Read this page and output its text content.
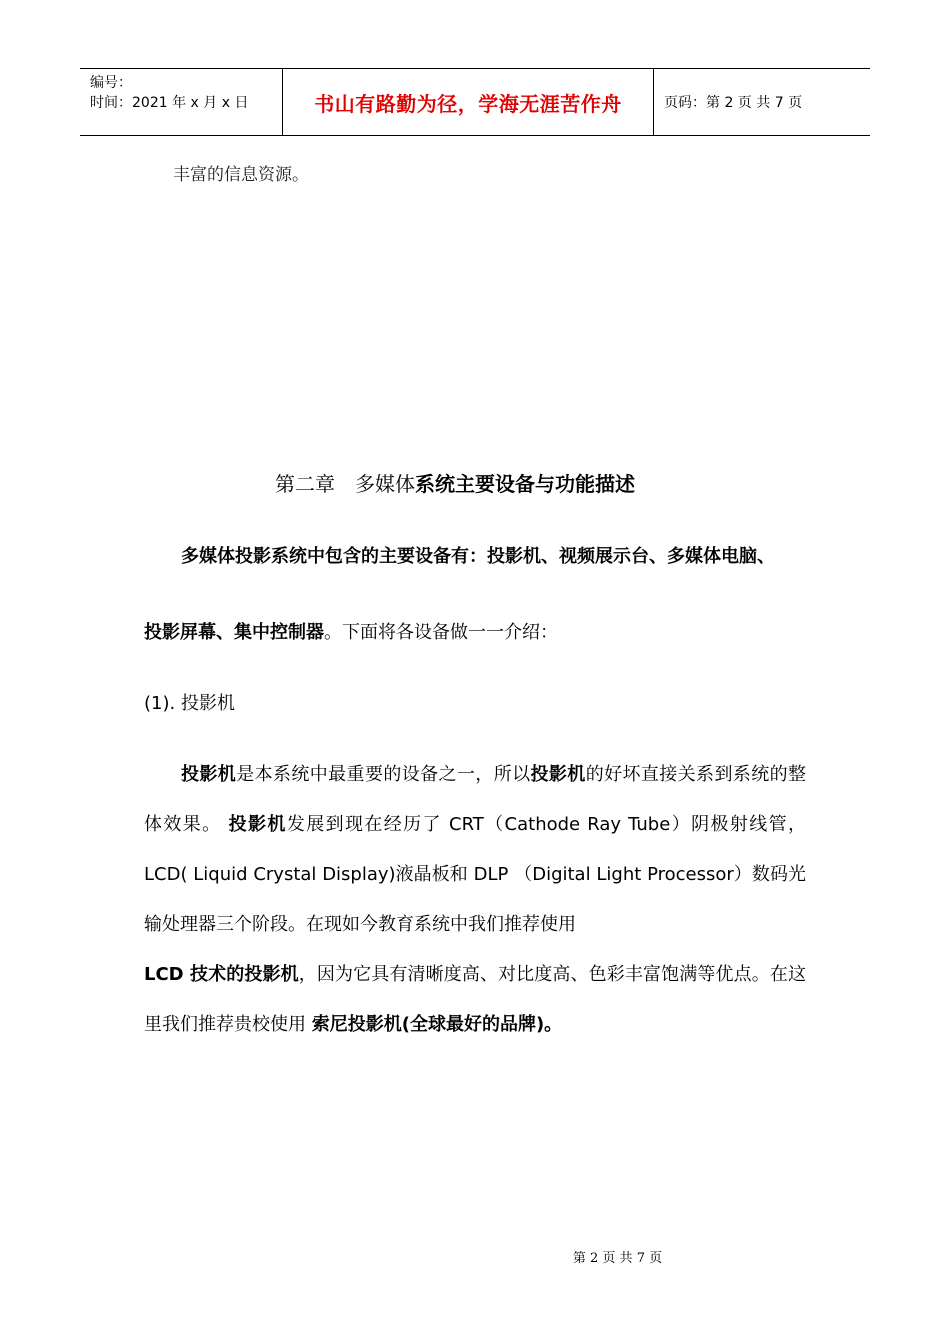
编号：
时间：2021 年 x 月 x 日	书山有路勤为径，学海无涯苦作舟	页码：第 2 页 共 7 页
丰富的信息资源。
第二章　多媒体系统主要设备与功能描述
多媒体投影系统中包含的主要设备有：投影机、视频展示台、多媒体电脑、
投影屏幕、集中控制器。下面将各设备做一一介绍：
(1). 投影机
投影机是本系统中最重要的设备之一，所以投影机的好坏直接关系到系统的整体效果。 投影机发展到现在经历了 CRT（Cathode Ray Tube）阴极射线管， LCD( Liquid Crystal Display)液晶板和 DLP （Digital Light Processor）数码光输处理器三个阶段。在现如今教育系统中我们推荐使用
LCD 技术的投影机，因为它具有清晰度高、对比度高、色彩丰富饱满等优点。在这里我们推荐贵校使用 索尼投影机(全球最好的品牌)。
第 2 页 共 7 页
